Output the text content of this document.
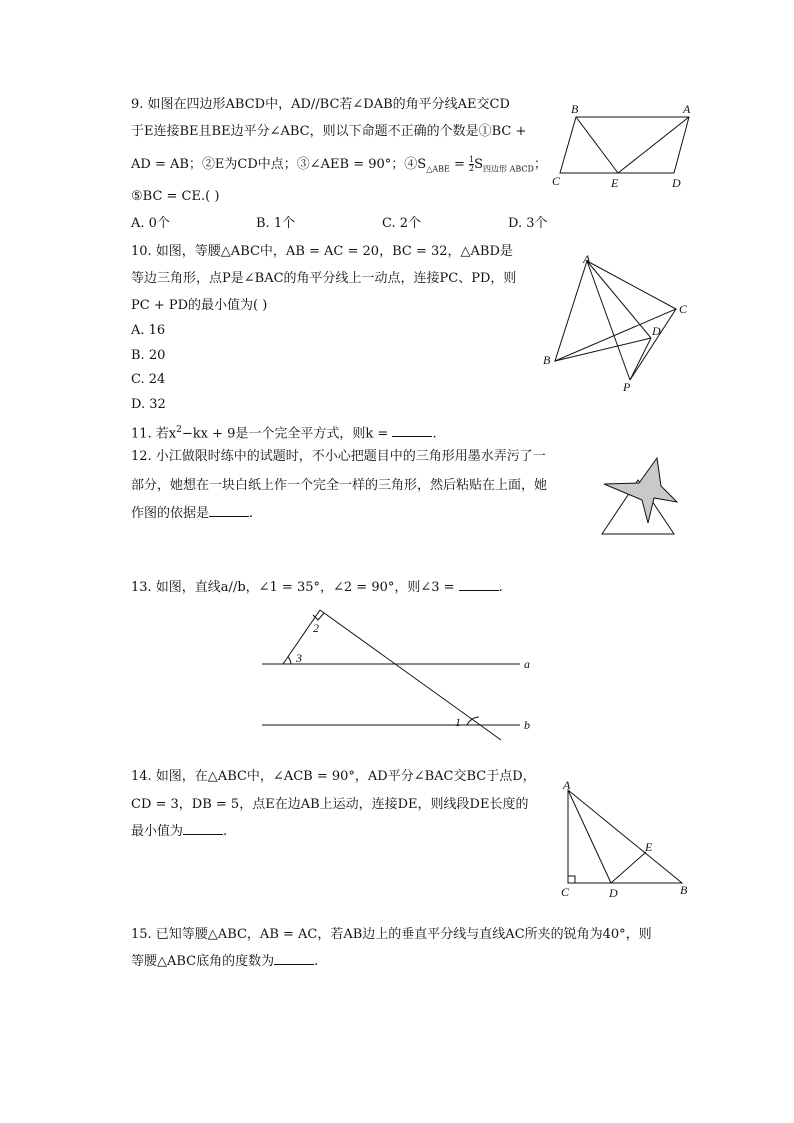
9. 如图在四边形ABCD中，AD//BC若∠DAB的角平分线AE交CD
于E连接BE且BE边平分∠ABC，则以下命题不正确的个数是①BC +
AD = AB；②E为CD中点；③∠AEB = 90°；$④S_{\triangle ABE} = \frac{1}{2} S_{四边形 ABCD}$；
⑤BC = CE.( )
A. 0个	B. 1个	C. 2个	D. 3个
B	A
C	E	D
10. 如图，等腰△ABC中，AB = AC = 20，BC = 32，△ABD是
等边三角形，点P是∠BAC的角平分线上一动点，连接PC、PD，则
PC + PD的最小值为( )
A. 16
B. 20
C. 24
D. 32
A
C
D
B
P
11. 若$x^2-kx + 9$是一个完全平方式，则k =	.
12. 小江做限时练中的试题时，不小心把题目中的三角形用墨水弄污了一
部分，她想在一块白纸上作一个完全一样的三角形，然后粘贴在上面，她
作图的依据是	.
13. 如图，直线a//b，∠1 = 35°，∠2 = 90°，则∠3 =	.
2
3	a
1	b
14. 如图，在△ABC中，∠ACB = 90°，AD平分∠BAC交BC于点D，
CD = 3，DB = 5，点E在边AB上运动，连接DE，则线段DE长度的
最小值为	.
A
E
C	D	B
15. 已知等腰△ABC，AB = AC，若AB边上的垂直平分线与直线AC所夹的锐角为40°，则
等腰△ABC底角的度数为	.
